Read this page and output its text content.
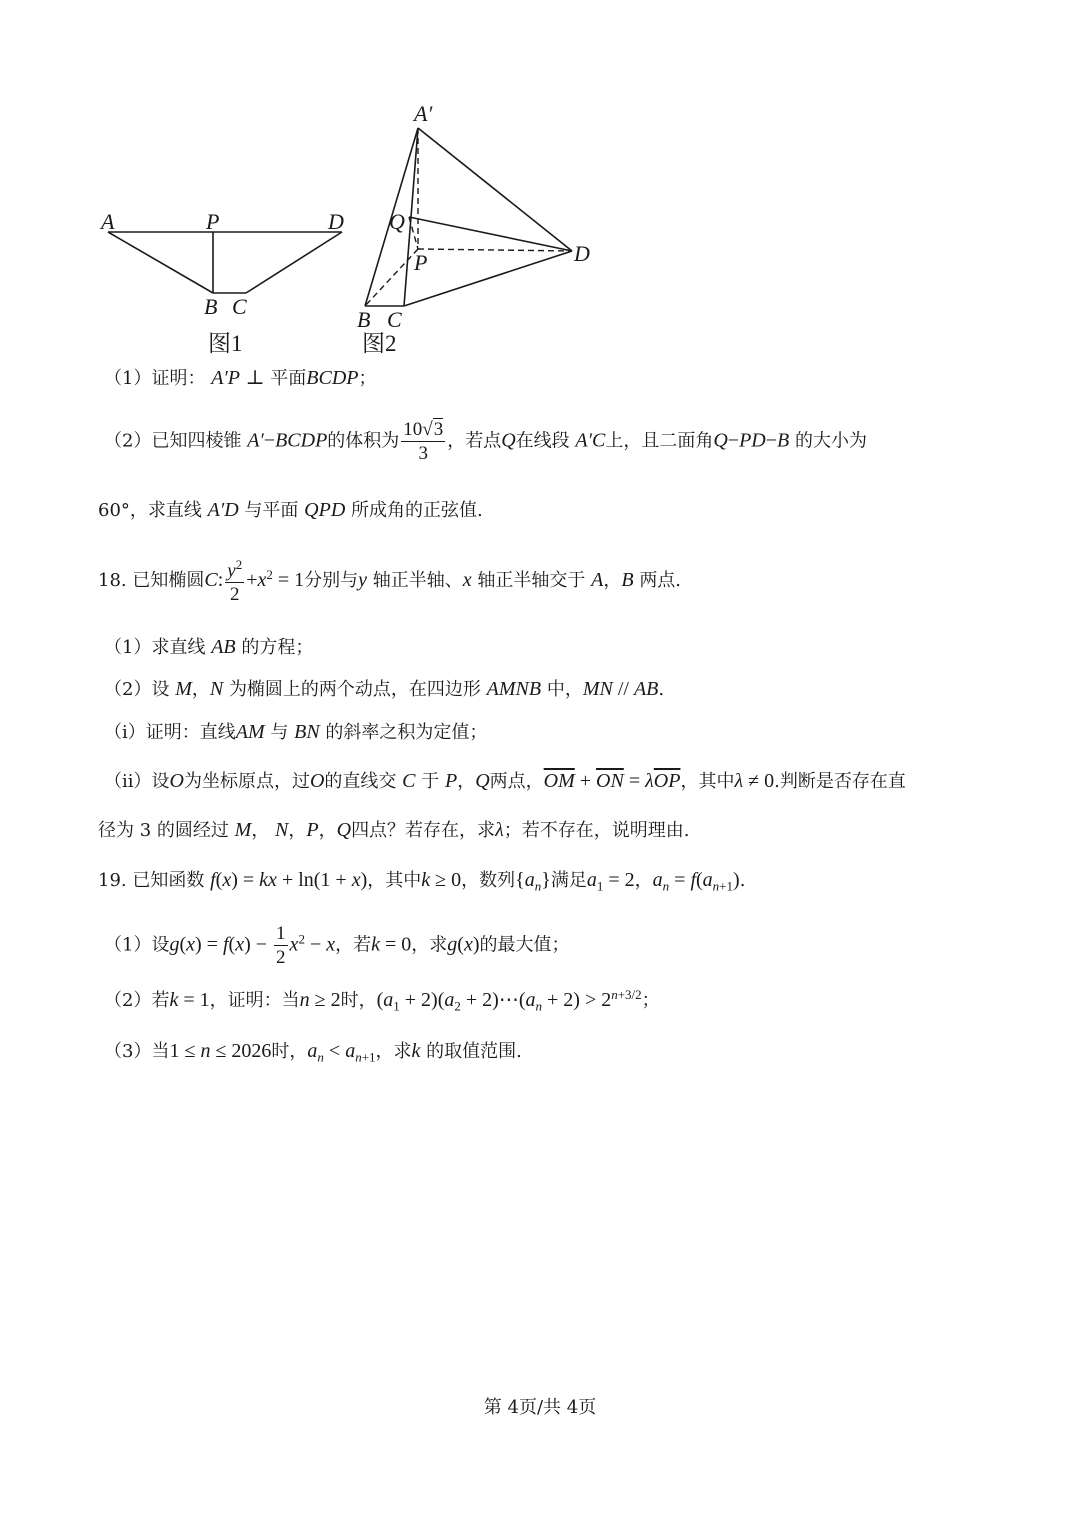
A	P	D
B C
图1
A′
Q
P	D
B C
图2
（1）证明： A′P ⊥ 平面BCDP；
（2）已知四棱锥 A′−BCDP的体积为 $\frac{10√3}{3}$ ，若点Q在线段 A′C上，且二面角Q−PD−B 的大小为
60°，求直线 A′D 与平面 QPD 所成角的正弦值.
18. 已知椭圆C: $\frac{y^2}{2} +x^2 = 1$分别与y 轴正半轴、x 轴正半轴交于 A，B 两点.
（1）求直线 AB 的方程；
（2）设 M，N 为椭圆上的两个动点，在四边形 AMNB 中，MN // AB.
（i）证明：直线AM 与 BN 的斜率之积为定值；
（ii）设O为坐标原点，过O的直线交 C 于 P，Q两点，$\overline{OM} + \overline{ON} = \lambda\overline{OP}$，其中λ ≠ 0.判断是否存在直
径为 3 的圆经过 M， N，P，Q四点？若存在，求λ；若不存在，说明理由.
19. 已知函数 f(x) = kx + ln(1 + x)，其中k ≥ 0，数列$\{a_n\}$满足$a_1 = 2$，$a_n = f(a_{n+1})$.
（1）设$g(x) = f(x) - \frac{1}{2} x^2 - x$，若k = 0，求g(x)的最大值；
（2）若k = 1，证明：当n ≥ 2时，$(a_1 + 2)(a_2$ + $2)\cdots(a_n + 2) > 2^{n+3/2}$；
（3）当1 ≤ n ≤ 2026时，$a_n < a_{n+1}$，求k 的取值范围.
第 4页/共 4页
